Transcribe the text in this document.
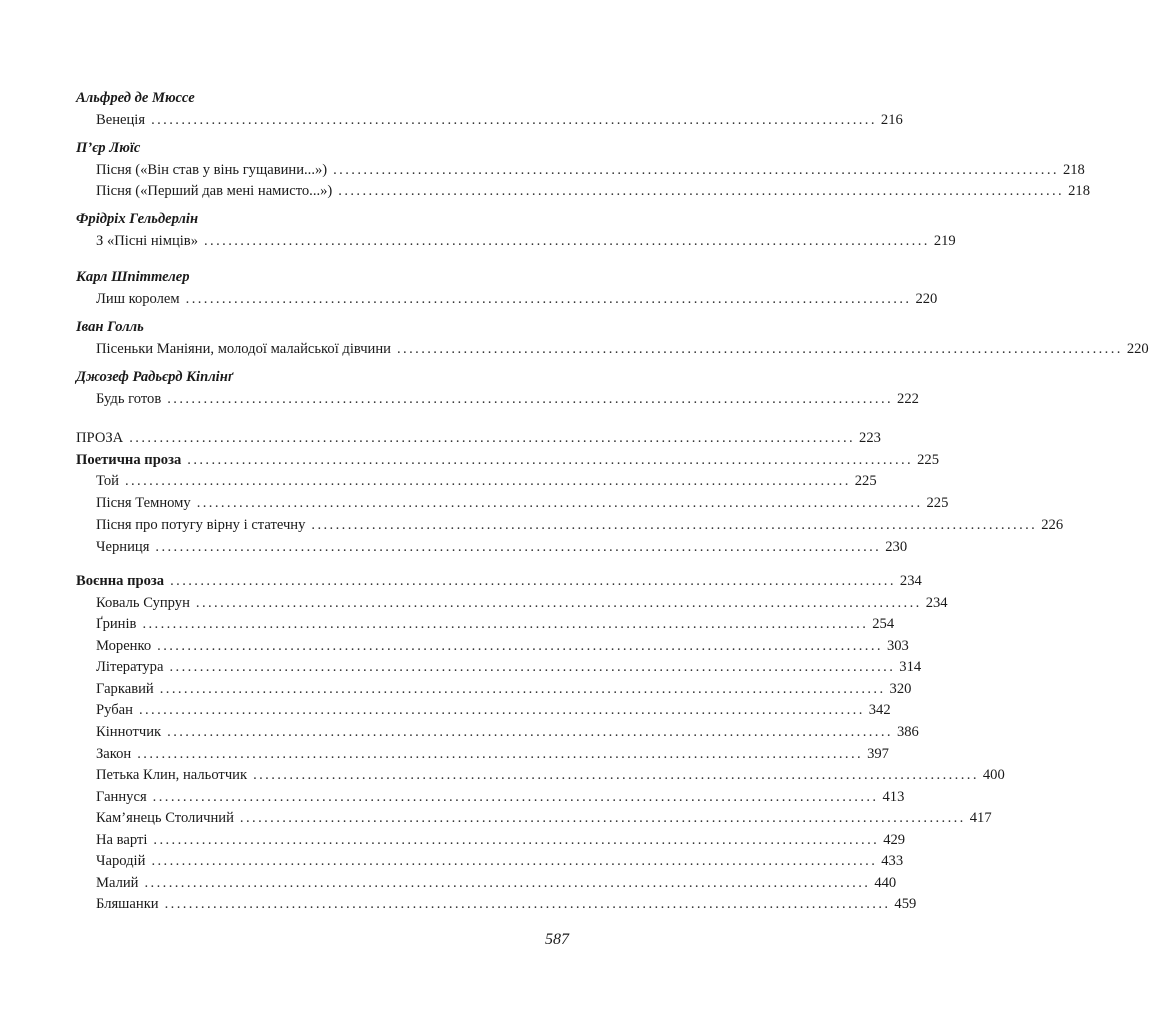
Альфред де Мюссе
Венеція ........................................................................................................................ 216
П’єр Люїс
Пісня («Він став у вінь гущавини...») ........................................................................................................................ 218
Пісня («Перший дав мені намисто...») ........................................................................................................................ 218
Фрідріх Гельдерлін
З «Пісні німців» ........................................................................................................................ 219
Карл Шпіттелер
Лиш королем ........................................................................................................................ 220
Іван Голль
Пісеньки Маніяни, молодої малайської дівчини ........................................................................................................................ 220
Джозеф Радьєрд Кіплінґ
Будь готов ........................................................................................................................ 222
ПРОЗА ........................................................................................................................ 223
Поетична проза ........................................................................................................................ 225
Той ........................................................................................................................ 225
Пісня Темному ........................................................................................................................ 225
Пісня про потугу вірну і статечну ........................................................................................................................ 226
Черниця ........................................................................................................................ 230
Воєнна проза ........................................................................................................................ 234
Коваль Супрун ........................................................................................................................ 234
Ґринів ........................................................................................................................ 254
Моренко ........................................................................................................................ 303
Література ........................................................................................................................ 314
Гаркавий ........................................................................................................................ 320
Рубан ........................................................................................................................ 342
Кіннотчик ........................................................................................................................ 386
Закон ........................................................................................................................ 397
Петька Клин, нальотчик ........................................................................................................................ 400
Ганнуся ........................................................................................................................ 413
Кам’янець Столичний ........................................................................................................................ 417
На варті ........................................................................................................................ 429
Чародій ........................................................................................................................ 433
Малий ........................................................................................................................ 440
Бляшанки ........................................................................................................................ 459
587
